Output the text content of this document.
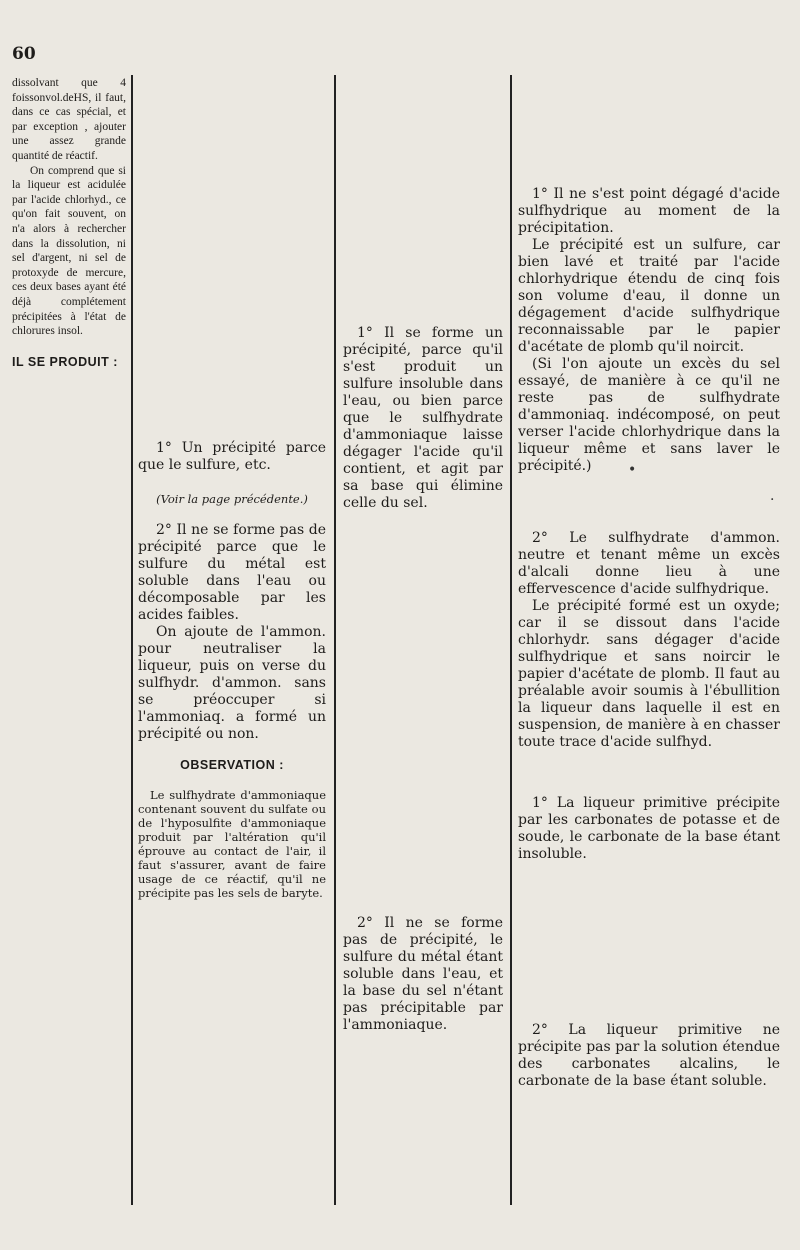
60

dissolvant que 4 foissonvol.deHS, il faut, dans ce cas spécial, et par exception , ajouter une assez grande quantité de réactif.

On comprend que si la liqueur est acidulée par l'acide chlorhyd., ce qu'on fait souvent, on n'a alors à rechercher dans la dissolution, ni sel d'argent, ni sel de protoxyde de mercure, ces deux bases ayant été déjà complétement précipitées à l'état de chlorures insol.

IL SE PRODUIT :

1° Un précipité parce que le sulfure, etc.

(Voir la page précédente.)

2° Il ne se forme pas de précipité parce que le sulfure du métal est soluble dans l'eau ou décomposable par les acides faibles.

On ajoute de l'ammon. pour neutraliser la liqueur, puis on verse du sulfhydr. d'ammon. sans se préoccuper si l'ammoniaq. a formé un précipité ou non.

OBSERVATION :

Le sulfhydrate d'ammoniaque contenant souvent du sulfate ou de l'hyposulfite d'ammoniaque produit par l'altération qu'il éprouve au contact de l'air, il faut s'assurer, avant de faire usage de ce réactif, qu'il ne précipite pas les sels de baryte.

1° Il se forme un précipité, parce qu'il s'est produit un sulfure insoluble dans l'eau, ou bien parce que le sulfhydrate d'ammoniaque laisse dégager l'acide qu'il contient, et agit par sa base qui élimine celle du sel.

2° Il ne se forme pas de précipité, le sulfure du métal étant soluble dans l'eau, et la base du sel n'étant pas précipitable par l'ammoniaque.

1° Il ne s'est point dégagé d'acide sulfhydrique au moment de la précipitation.

Le précipité est un sulfure, car bien lavé et traité par l'acide chlorhydrique étendu de cinq fois son volume d'eau, il donne un dégagement d'acide sulfhydrique reconnaissable par le papier d'acétate de plomb qu'il noircit.

(Si l'on ajoute un excès du sel essayé, de manière à ce qu'il ne reste pas de sulfhydrate d'ammoniaq. indécomposé, on peut verser l'acide chlorhydrique dans la liqueur même et sans laver le précipité.)	•
·

2° Le sulfhydrate d'ammon. neutre et tenant même un excès d'alcali donne lieu à une effervescence d'acide sulfhydrique.

Le précipité formé est un oxyde; car il se dissout dans l'acide chlorhydr. sans dégager d'acide sulfhydrique et sans noircir le papier d'acétate de plomb. Il faut au préalable avoir soumis à l'ébullition la liqueur dans laquelle il est en suspension, de manière à en chasser toute trace d'acide sulfhyd.

1° La liqueur primitive précipite par les carbonates de potasse et de soude, le carbonate de la base étant insoluble.

2° La liqueur primitive ne précipite pas par la solution étendue des carbonates alcalins, le carbonate de la base étant soluble.
